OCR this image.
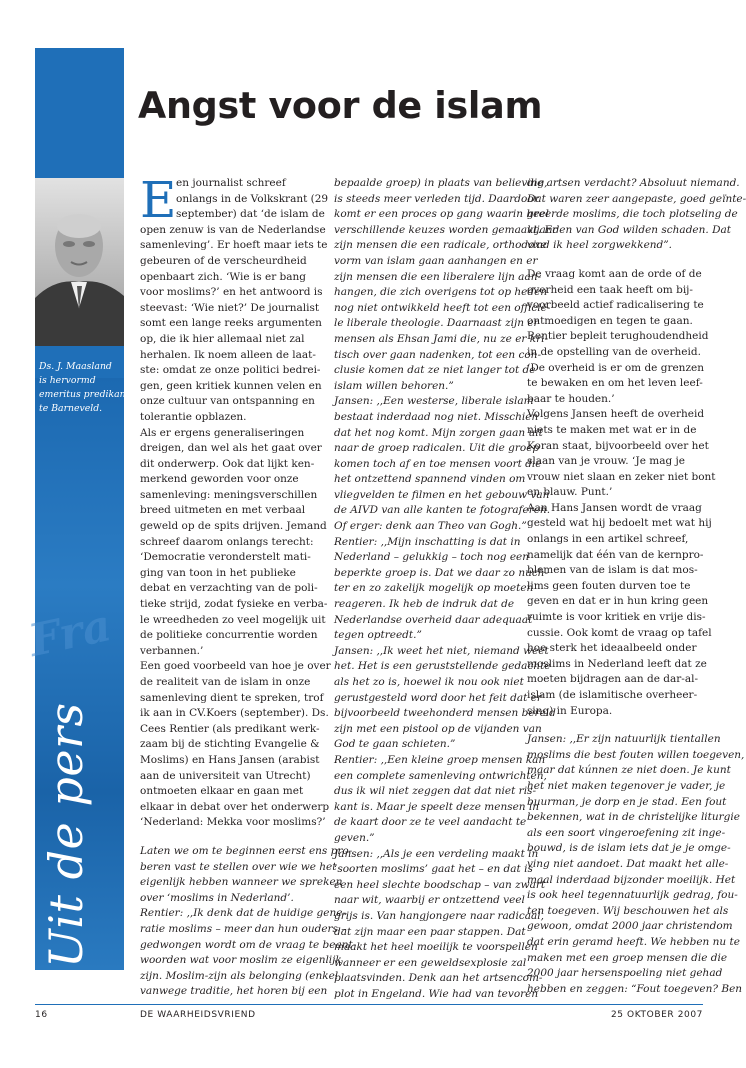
Fra
Ds. J. Maasland
is hervormd
emeritus predikant
te Barneveld.
Uit de pers
Angst voor de islam
E en journalist schreef
onlangs in de Volkskrant (29
september) dat ‘de islam de
open zenuw is van de Nederlandse
samenleving’. Er hoeft maar iets te
gebeuren of de verscheurdheid
openbaart zich. ‘Wie is er bang
voor moslims?’ en het antwoord is
steevast: ‘Wie niet?’ De journalist
somt een lange reeks argumenten
op, die ik hier allemaal niet zal
herhalen. Ik noem alleen de laat-
ste: omdat ze onze politici bedrei-
gen, geen kritiek kunnen velen en
onze cultuur van ontspanning en
tolerantie opblazen.
Als er ergens generaliseringen
dreigen, dan wel als het gaat over
dit onderwerp. Ook dat lijkt ken-
merkend geworden voor onze
samenleving: meningsverschillen
breed uitmeten en met verbaal
geweld op de spits drijven. Jemand
schreef daarom onlangs terecht:
‘Democratie veronderstelt mati-
ging van toon in het publieke
debat en verzachting van de poli-
tieke strijd, zodat fysieke en verba-
le wreedheden zo veel mogelijk uit
de politieke concurrentie worden
verbannen.’
Een goed voorbeeld van hoe je over
de realiteit van de islam in onze
samenleving dient te spreken, trof
ik aan in CV.Koers (september). Ds.
Cees Rentier (als predikant werk-
zaam bij de stichting Evangelie &
Moslims) en Hans Jansen (arabist
aan de universiteit van Utrecht)
ontmoeten elkaar en gaan met
elkaar in debat over het onderwerp
‘Nederland: Mekka voor moslims?’
Laten we om te beginnen eerst ens pro-
beren vast te stellen over wie we het
eigenlijk hebben wanneer we spreken
over ‘moslims in Nederland’.
Rentier: ,,Ik denk dat de huidige gene-
ratie moslims – meer dan hun ouders –
gedwongen wordt om de vraag te beant-
woorden wat voor moslim ze eigenlijk
zijn. Moslim-zijn als belonging (enkel
vanwege traditie, het horen bij een
bepaalde groep) in plaats van believing,
is steeds meer verleden tijd. Daardoor
komt er een proces op gang waarin heel
verschillende keuzes worden gemaakt. Er
zijn mensen die een radicale, orthodoxe
vorm van islam gaan aanhangen en er
zijn mensen die een liberalere lijn aan-
hangen, die zich overigens tot op heden
nog niet ontwikkeld heeft tot een officië-
le liberale theologie. Daarnaast zijn er
mensen als Ehsan Jami die, nu ze er kri-
tisch over gaan nadenken, tot een con-
clusie komen dat ze niet langer tot de
islam willen behoren.”
Jansen: ,,Een westerse, liberale islam
bestaat inderdaad nog niet. Misschien
dat het nog komt. Mijn zorgen gaan uit
naar de groep radicalen. Uit die groep
komen toch af en toe mensen voort die
het ontzettend spannend vinden om
vliegvelden te filmen en het gebouw van
de AIVD van alle kanten te fotograferen.
Of erger: denk aan Theo van Gogh.”
Rentier: ,,Mijn inschatting is dat in
Nederland – gelukkig – toch nog een
beperkte groep is. Dat we daar zo nuch-
ter en zo zakelijk mogelijk op moeten
reageren. Ik heb de indruk dat de
Nederlandse overheid daar adequaat
tegen optreedt.”
Jansen: ,,Ik weet het niet, niemand weet
het. Het is een geruststellende gedachte
als het zo is, hoewel ik nou ook niet
gerustgesteld word door het feit dat er
bijvoorbeeld tweehonderd mensen bereid
zijn met een pistool op de vijanden van
God te gaan schieten.”
Rentier: ,,Een kleine groep mensen kan
een complete samenleving ontwrichten,
dus ik wil niet zeggen dat dat niet ris-
kant is. Maar je speelt deze mensen in
de kaart door ze te veel aandacht te
geven.”
Jansen: ,,Als je een verdeling maakt in
‘soorten moslims’ gaat het – en dat is
een heel slechte boodschap – van zwart
naar wit, waarbij er ontzettend veel
grijs is. Van hangjongere naar radicaal,
dat zijn maar een paar stappen. Dat
maakt het heel moeilijk te voorspellen
wanneer er een geweldsexplosie zal
plaatsvinden. Denk aan het artsencom-
plot in Engeland. Wie had van tevoren
die artsen verdacht? Absoluut niemand.
Dat waren zeer aangepaste, goed geïnte-
greerde moslims, die toch plotseling de
vijanden van God wilden schaden. Dat
vind ik heel zorgwekkend”.
De vraag komt aan de orde of de
overheid een taak heeft om bij-
voorbeeld actief radicalisering te
ontmoedigen en tegen te gaan.
Rentier bepleit terughoudendheid
in de opstelling van de overheid.
‘De overheid is er om de grenzen
te bewaken en om het leven leef-
baar te houden.’
Volgens Jansen heeft de overheid
niets te maken met wat er in de
Koran staat, bijvoorbeeld over het
slaan van je vrouw. ‘Je mag je
vrouw niet slaan en zeker niet bont
en blauw. Punt.’
Aan Hans Jansen wordt de vraag
gesteld wat hij bedoelt met wat hij
onlangs in een artikel schreef,
namelijk dat één van de kernpro-
blemen van de islam is dat mos-
lims geen fouten durven toe te
geven en dat er in hun kring geen
ruimte is voor kritiek en vrije dis-
cussie. Ook komt de vraag op tafel
hoe sterk het ideaalbeeld onder
moslims in Nederland leeft dat ze
moeten bijdragen aan de dar-al-
islam (de islamitische overheer-
sing) in Europa.
Jansen: ,,Er zijn natuurlijk tientallen
moslims die best fouten willen toegeven,
maar dat kúnnen ze niet doen. Je kunt
het niet maken tegenover je vader, je
buurman, je dorp en je stad. Een fout
bekennen, wat in de christelijke liturgie
als een soort vingeroefening zit inge-
bouwd, is de islam iets dat je je omge-
ving niet aandoet. Dat maakt het alle-
maal inderdaad bijzonder moeilijk. Het
is ook heel tegennatuurlijk gedrag, fou-
ten toegeven. Wij beschouwen het als
gewoon, omdat 2000 jaar christendom
dat erin geramd heeft. We hebben nu te
maken met een groep mensen die die
2000 jaar hersenspoeling niet gehad
hebben en zeggen: “Fout toegeven? Ben
16	DE WAARHEIDSVRIEND	25 OKTOBER 2007
